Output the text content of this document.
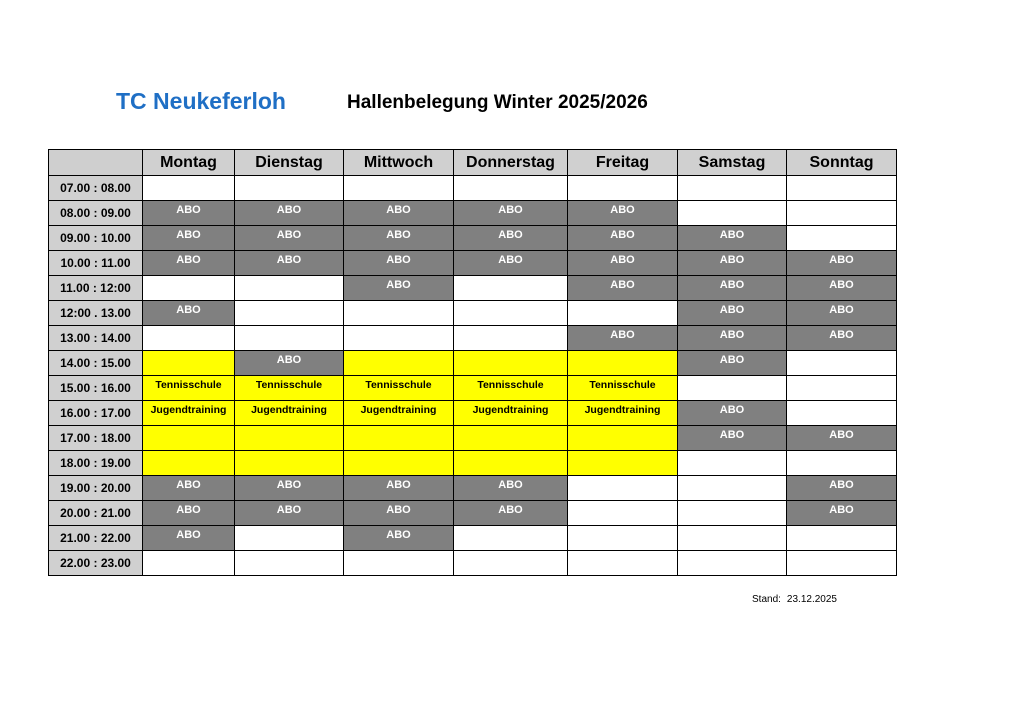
TC Neukeferloh	Hallenbelegung Winter 2025/2026
	Montag	Dienstag	Mittwoch	Donnerstag	Freitag	Samstag	Sonntag
07.00 : 08.00							
08.00 : 09.00	ABO	ABO	ABO	ABO	ABO		
09.00 : 10.00	ABO	ABO	ABO	ABO	ABO	ABO	
10.00 : 11.00	ABO	ABO	ABO	ABO	ABO	ABO	ABO
11.00 : 12:00			ABO		ABO	ABO	ABO
12:00 . 13.00	ABO					ABO	ABO
13.00 : 14.00					ABO	ABO	ABO
14.00 : 15.00		ABO				ABO	
15.00 : 16.00	Tennisschule	Tennisschule	Tennisschule	Tennisschule	Tennisschule		
16.00 : 17.00	Jugendtraining	Jugendtraining	Jugendtraining	Jugendtraining	Jugendtraining	ABO	
17.00 : 18.00						ABO	ABO
18.00 : 19.00							
19.00 : 20.00	ABO	ABO	ABO	ABO			ABO
20.00 : 21.00	ABO	ABO	ABO	ABO			ABO
21.00 : 22.00	ABO		ABO				
22.00 : 23.00							
Stand: 23.12.2025
